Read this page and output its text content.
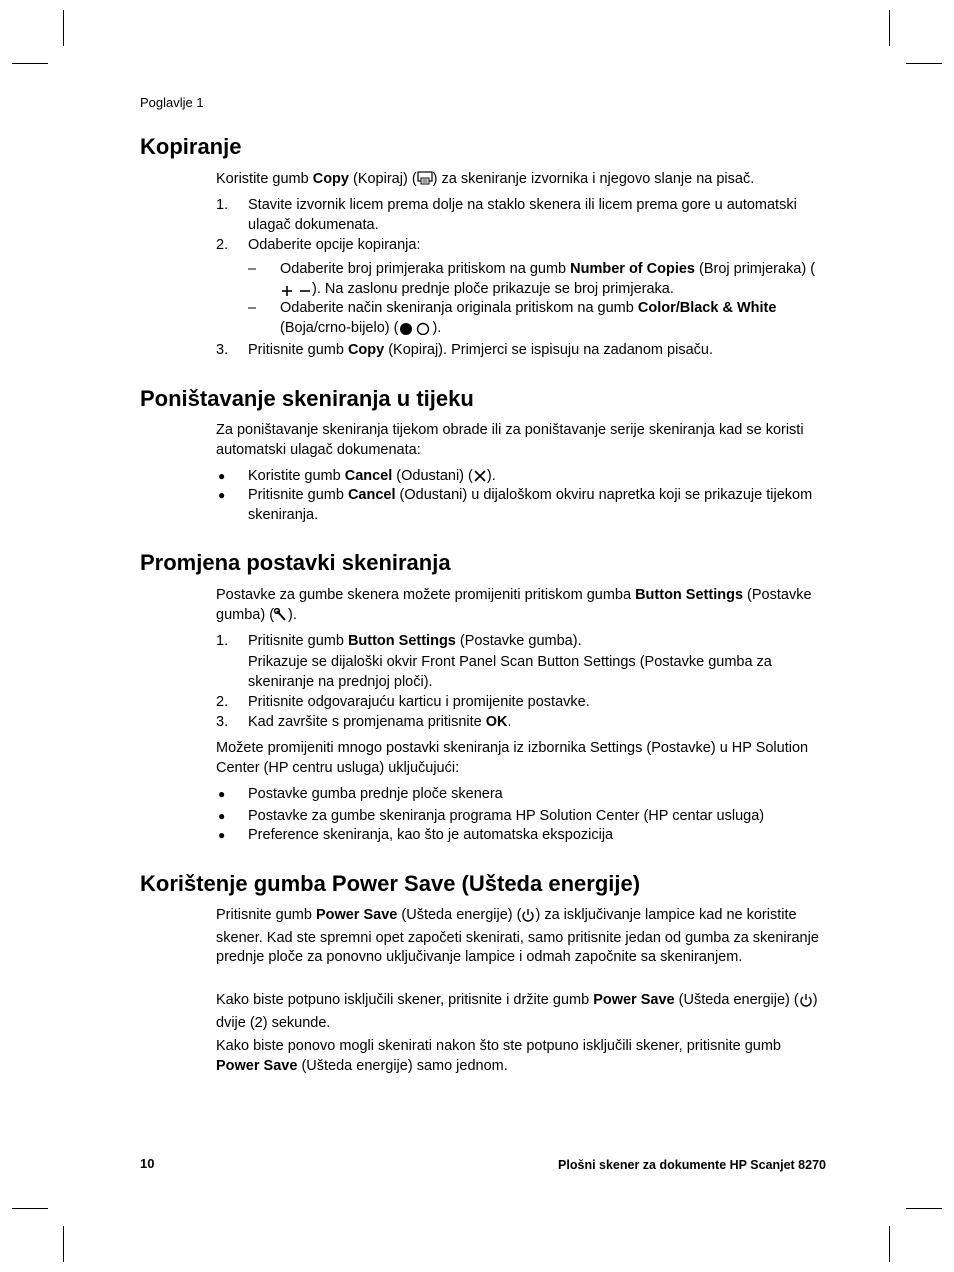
Poglavlje 1
Kopiranje
Koristite gumb Copy (Kopiraj) ( ) za skeniranje izvornika i njegovo slanje na pisač.
1. Stavite izvornik licem prema dolje na staklo skenera ili licem prema gore u automatski ulagač dokumenata.
2. Odaberite opcije kopiranja:
– Odaberite broj primjeraka pritiskom na gumb Number of Copies (Broj primjeraka) (). Na zaslonu prednje ploče prikazuje se broj primjeraka.
– Odaberite način skeniranja originala pritiskom na gumb Color/Black & White (Boja/crno-bijelo) ( ).
3. Pritisnite gumb Copy (Kopiraj). Primjerci se ispisuju na zadanom pisaču.
Poništavanje skeniranja u tijeku
Za poništavanje skeniranja tijekom obrade ili za poništavanje serije skeniranja kad se koristi automatski ulagač dokumenata:
● Koristite gumb Cancel (Odustani) ( ).
● Pritisnite gumb Cancel (Odustani) u dijaloškom okviru napretka koji se prikazuje tijekom skeniranja.
Promjena postavki skeniranja
Postavke za gumbe skenera možete promijeniti pritiskom gumba Button Settings (Postavke gumba) ( ).
1. Pritisnite gumb Button Settings (Postavke gumba).
Prikazuje se dijaloški okvir Front Panel Scan Button Settings (Postavke gumba za skeniranje na prednjoj ploči).
2. Pritisnite odgovarajuću karticu i promijenite postavke.
3. Kad završite s promjenama pritisnite OK.
Možete promijeniti mnogo postavki skeniranja iz izbornika Settings (Postavke) u HP Solution Center (HP centru usluga) uključujući:
● Postavke gumba prednje ploče skenera
● Postavke za gumbe skeniranja programa HP Solution Center (HP centar usluga)
● Preference skeniranja, kao što je automatska ekspozicija
Korištenje gumba Power Save (Ušteda energije)
Pritisnite gumb Power Save (Ušteda energije) ( ) za isključivanje lampice kad ne koristite skener. Kad ste spremni opet započeti skenirati, samo pritisnite jedan od gumba za skeniranje prednje ploče za ponovno uključivanje lampice i odmah započnite sa skeniranjem.
Kako biste potpuno isključili skener, pritisnite i držite gumb Power Save (Ušteda energije) ( ) dvije (2) sekunde.
Kako biste ponovo mogli skenirati nakon što ste potpuno isključili skener, pritisnite gumb Power Save (Ušteda energije) samo jednom.
10	Plošni skener za dokumente HP Scanjet 8270
